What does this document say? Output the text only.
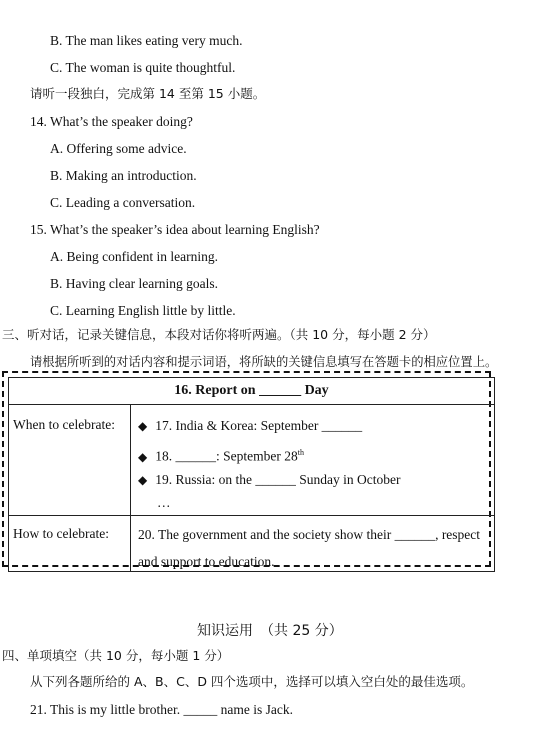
B. The man likes eating very much.
C. The woman is quite thoughtful.
请听一段独白，完成第 14 至第 15 小题。
14. What’s the speaker doing?
A. Offering some advice.
B. Making an introduction.
C. Leading a conversation.
15. What’s the speaker’s idea about learning English?
A. Being confident in learning.
B. Having clear learning goals.
C. Learning English little by little.
三、听对话，记录关键信息，本段对话你将听两遍。（共 10 分，每小题 2 分）
请根据所听到的对话内容和提示词语，将所缺的关键信息填写在答题卡的相应位置上。
16. Report on ______ Day	

When to celebrate:	◆ 17. India & Korea: September ______
◆ 18. ______: September 28th
◆ 19. Russia: on the ______ Sunday in October
…

How to celebrate:	20. The government and the society show their ______, respect
and support to education.
知识运用　（共 25 分）
四、单项填空（共 10 分，每小题 1 分）
从下列各题所给的 A、B、C、D 四个选项中，选择可以填入空白处的最佳选项。
21. This is my little brother. _____ name is Jack.
